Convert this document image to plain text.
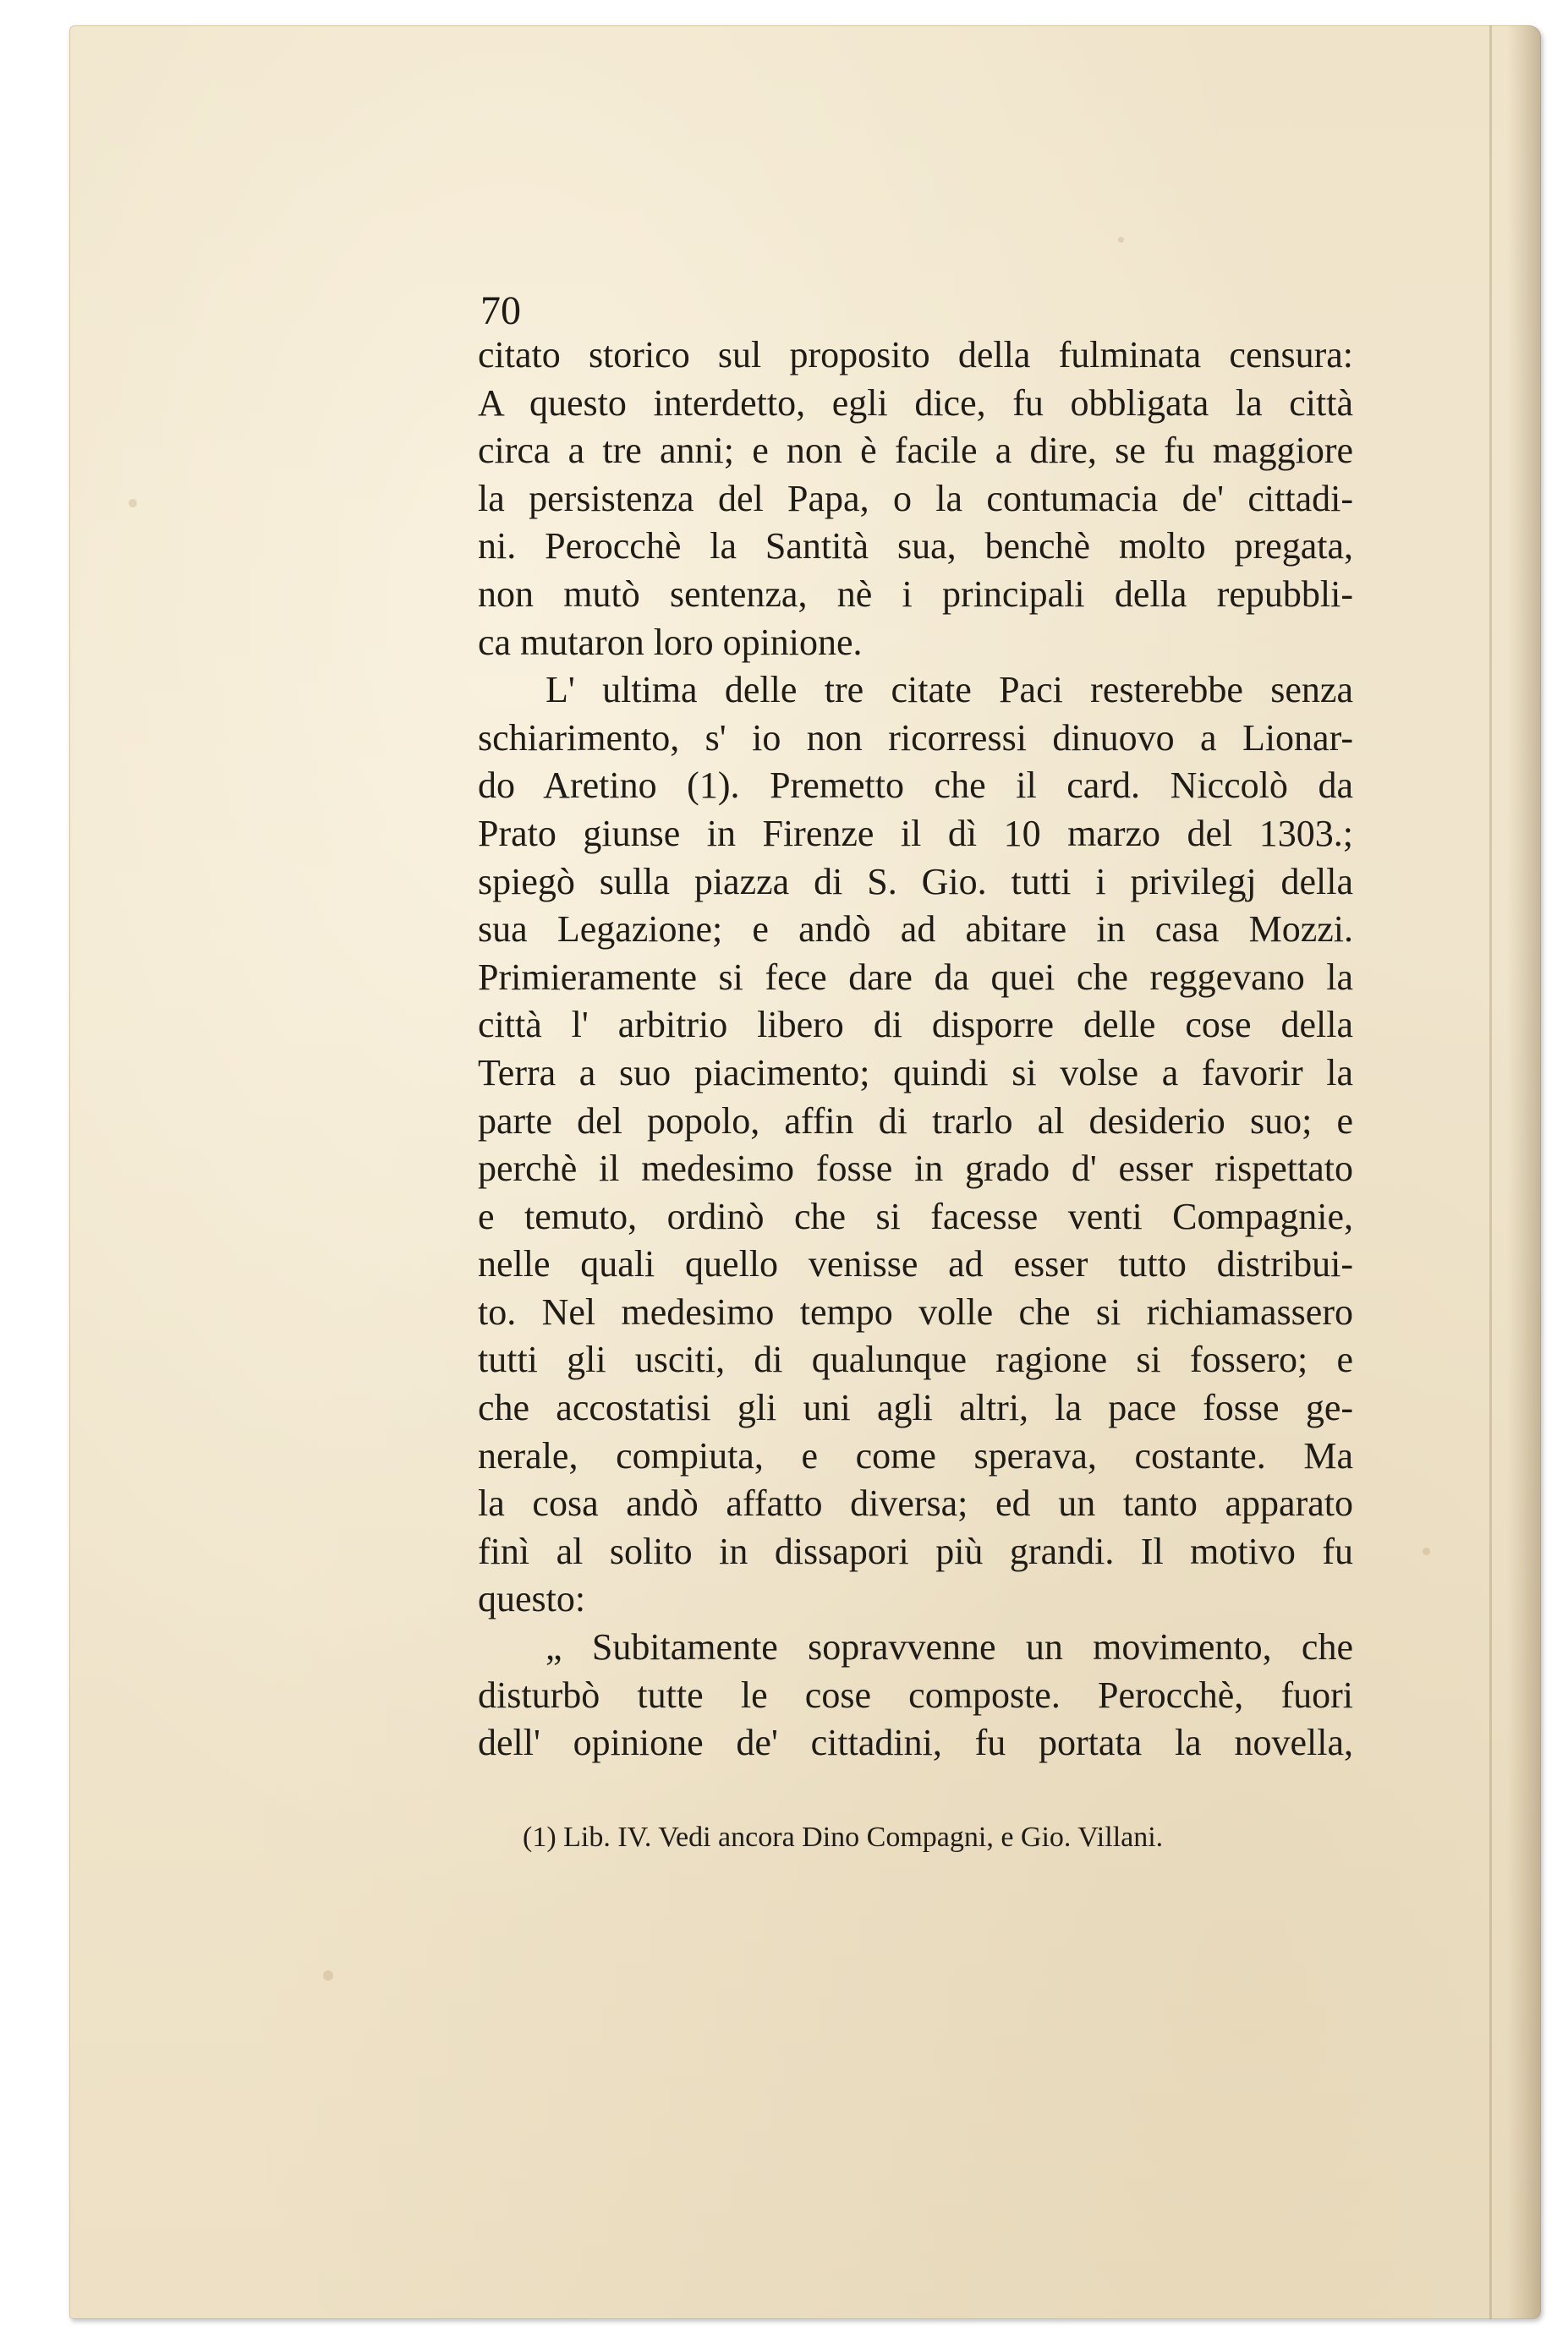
70

citato storico sul proposito della fulminata censura:
A questo interdetto, egli dice, fu obbligata la città
circa a tre anni; e non è facile a dire, se fu maggiore
la persistenza del Papa, o la contumacia de' cittadi-
ni. Perocchè la Santità sua, benchè molto pregata,
non mutò sentenza, nè i principali della repubbli-
ca mutaron loro opinione.
L' ultima delle tre citate Paci resterebbe senza
schiarimento, s' io non ricorressi dinuovo a Lionar-
do Aretino (1). Premetto che il card. Niccolò da
Prato giunse in Firenze il dì 10 marzo del 1303.;
spiegò sulla piazza di S. Gio. tutti i privilegj della
sua Legazione; e andò ad abitare in casa Mozzi.
Primieramente si fece dare da quei che reggevano la
città l' arbitrio libero di disporre delle cose della
Terra a suo piacimento; quindi si volse a favorir la
parte del popolo, affin di trarlo al desiderio suo; e
perchè il medesimo fosse in grado d' esser rispettato
e temuto, ordinò che si facesse venti Compagnie,
nelle quali quello venisse ad esser tutto distribui-
to. Nel medesimo tempo volle che si richiamassero
tutti gli usciti, di qualunque ragione si fossero; e
che accostatisi gli uni agli altri, la pace fosse ge-
nerale, compiuta, e come sperava, costante. Ma
la cosa andò affatto diversa; ed un tanto apparato
finì al solito in dissapori più grandi. Il motivo fu
questo:
„ Subitamente sopravvenne un movimento, che
disturbò tutte le cose composte. Perocchè, fuori
dell' opinione de' cittadini, fu portata la novella,

(1) Lib. IV. Vedi ancora Dino Compagni, e Gio. Villani.
